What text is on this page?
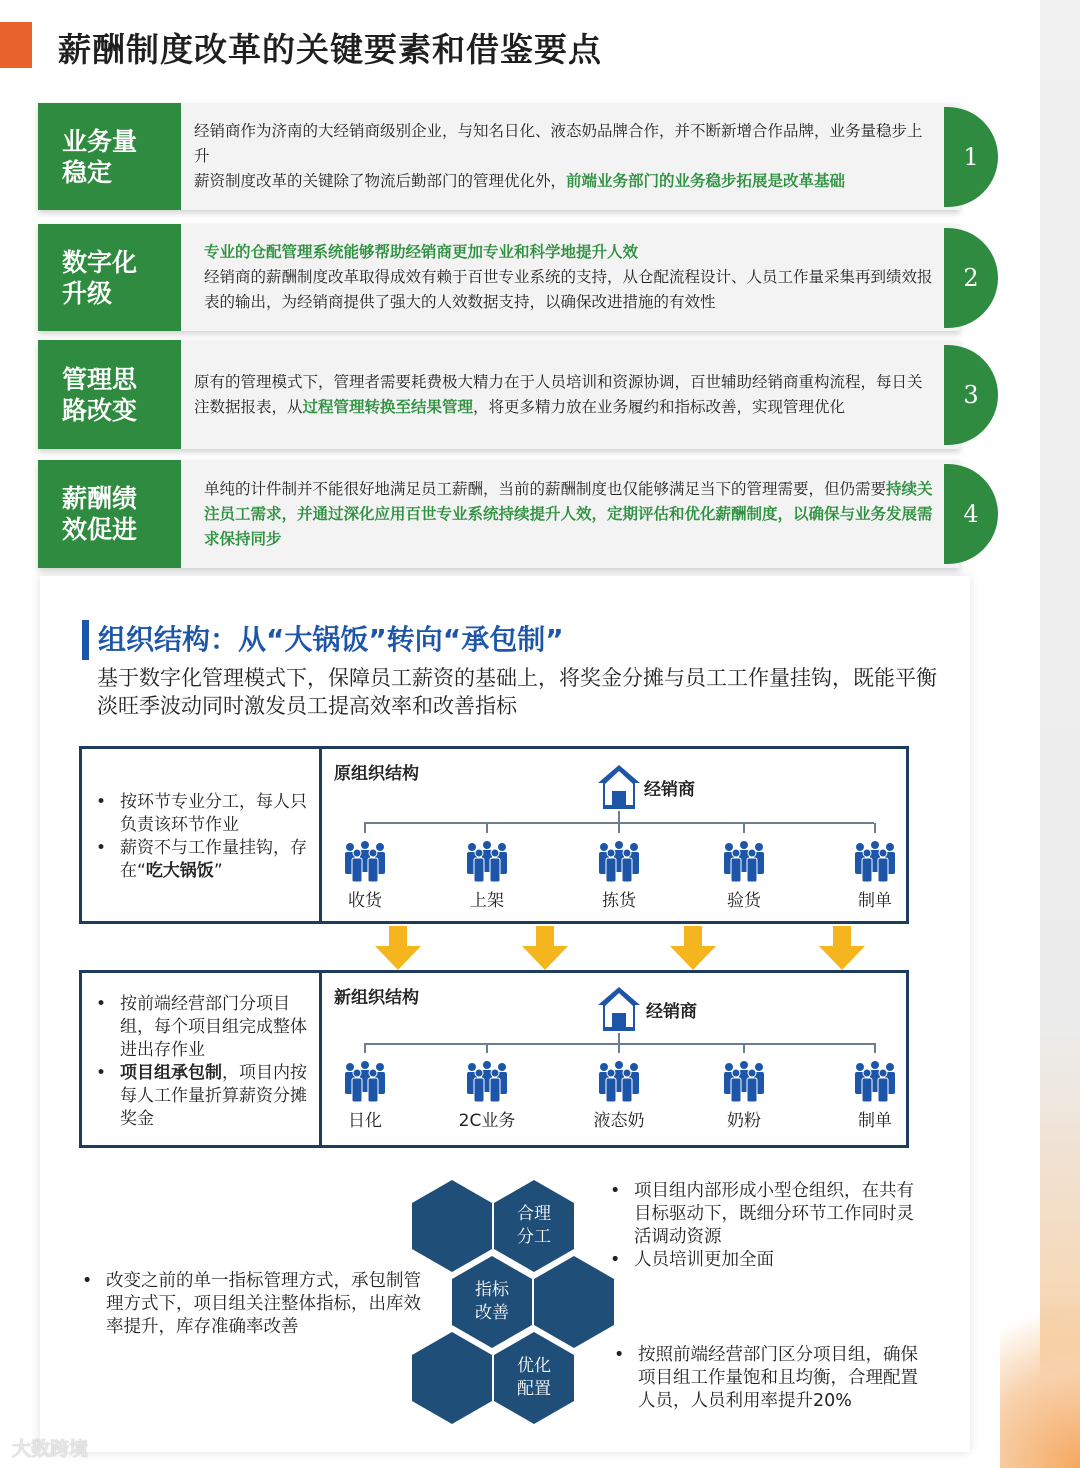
薪酬制度改革的关键要素和借鉴要点
业务量稳定
经销商作为济南的大经销商级别企业，与知名日化、液态奶品牌合作，并不断新增合作品牌，业务量稳步上升
薪资制度改革的关键除了物流后勤部门的管理优化外，前端业务部门的业务稳步拓展是改革基础
1
数字化升级
专业的仓配管理系统能够帮助经销商更加专业和科学地提升人效
经销商的薪酬制度改革取得成效有赖于百世专业系统的支持，从仓配流程设计、人员工作量采集再到绩效报表的输出，为经销商提供了强大的人效数据支持，以确保改进措施的有效性
2
管理思路改变
原有的管理模式下，管理者需要耗费极大精力在于人员培训和资源协调，百世辅助经销商重构流程，每日关注数据报表，从过程管理转换至结果管理，将更多精力放在业务履约和指标改善，实现管理优化	3
薪酬绩效促进
单纯的计件制并不能很好地满足员工薪酬，当前的薪酬制度也仅能够满足当下的管理需要，但仍需要持续关注员工需求，并通过深化应用百世专业系统持续提升人效，定期评估和优化薪酬制度，以确保与业务发展需求保持同步
4
组织结构：从“大锅饭”转向“承包制”
基于数字化管理模式下，保障员工薪资的基础上，将奖金分摊与员工工作量挂钩，既能平衡淡旺季波动同时激发员工提高效率和改善指标
• 按环节专业分工，每人只负责该环节作业
• 薪资不与工作量挂钩，存在“吃大锅饭”
原组织结构
经销商
收货	上架	拣货	验货	制单
• 按前端经营部门分项目组，每个项目组完成整体进出存作业
• 项目组承包制，项目内按每人工作量折算薪资分摊奖金
新组织结构
经销商
日化	2C业务	液态奶	奶粉	制单
合理
分工
指标
改善
优化
配置
• 改变之前的单一指标管理方式，承包制管理方式下，项目组关注整体指标，出库效率提升，库存准确率改善
• 项目组内部形成小型仓组织，在共有目标驱动下，既细分环节工作同时灵活调动资源
• 人员培训更加全面
• 按照前端经营部门区分项目组，确保项目组工作量饱和且均衡，合理配置人员，人员利用率提升20%
大数跨境
